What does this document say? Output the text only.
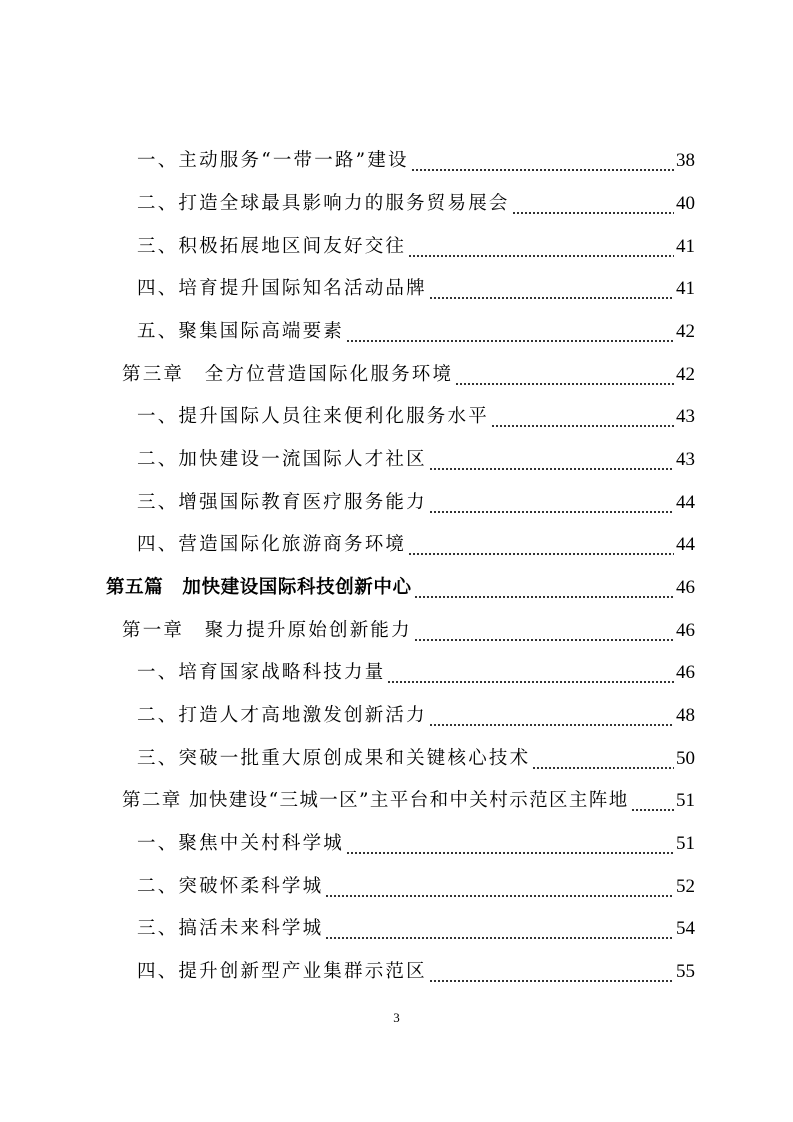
一、主动服务“一带一路”建设	38
二、打造全球最具影响力的服务贸易展会	40
三、积极拓展地区间友好交往	41
四、培育提升国际知名活动品牌	41
五、聚集国际高端要素	42
第三章　全方位营造国际化服务环境	42
一、提升国际人员往来便利化服务水平	43
二、加快建设一流国际人才社区	43
三、增强国际教育医疗服务能力	44
四、营造国际化旅游商务环境	44
第五篇　加快建设国际科技创新中心	46
第一章　聚力提升原始创新能力	46
一、培育国家战略科技力量	46
二、打造人才高地激发创新活力	48
三、突破一批重大原创成果和关键核心技术	50
第二章 加快建设“三城一区”主平台和中关村示范区主阵地 51
一、聚焦中关村科学城	51
二、突破怀柔科学城	52
三、搞活未来科学城	54
四、提升创新型产业集群示范区	55
3
